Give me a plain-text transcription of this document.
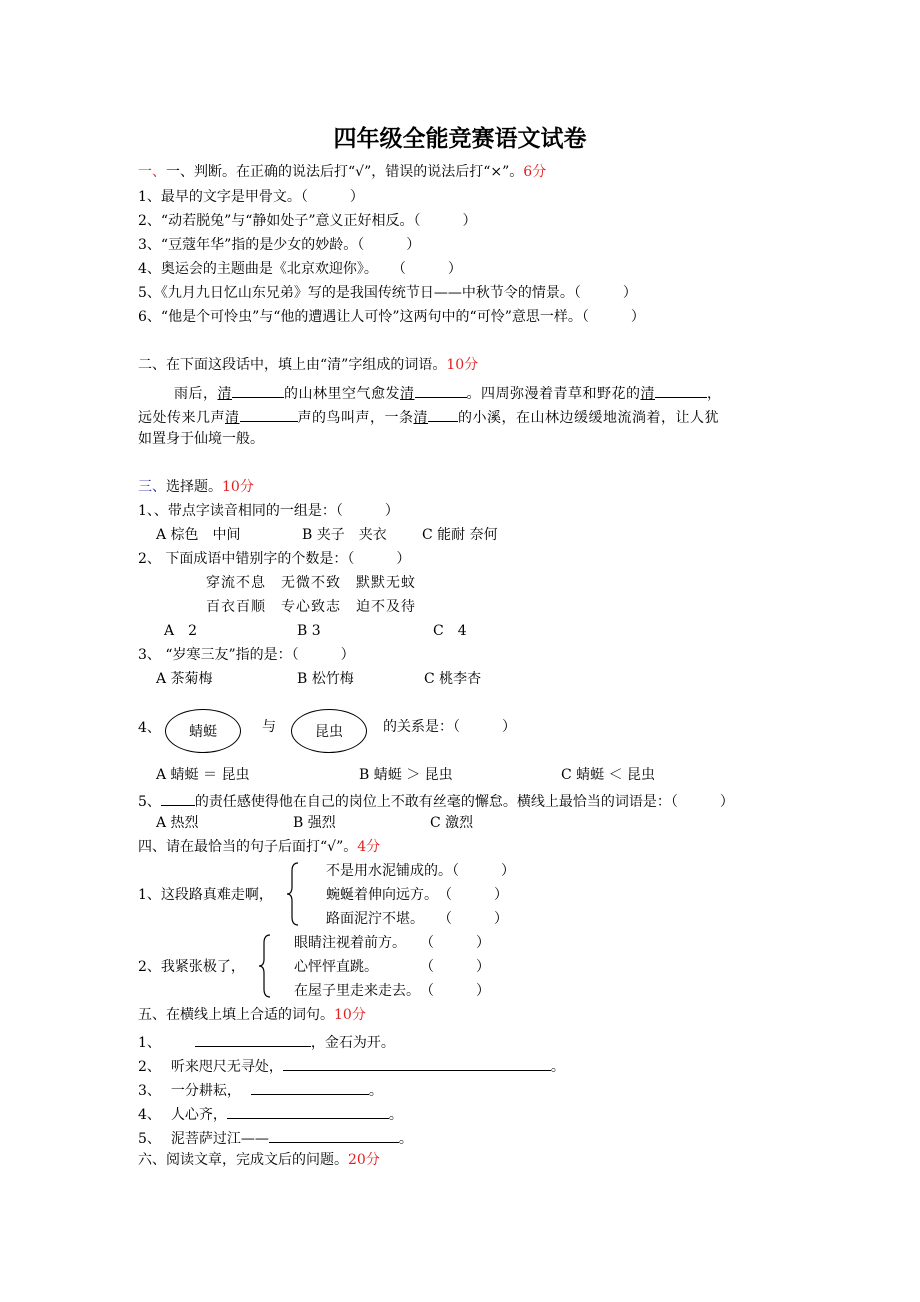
四年级全能竞赛语文试卷
一、一、判断。在正确的说法后打“√”，错误的说法后打“×”。6分
1、最早的文字是甲骨文。（　　　）
2、“动若脱兔”与“静如处子”意义正好相反。（　　　）
3、“豆蔻年华”指的是少女的妙龄。（　　　）
4、奥运会的主题曲是《北京欢迎你》。　　（　　　）
5、《九月九日忆山东兄弟》写的是我国传统节日——中秋节令的情景。（　　　）
6、“他是个可怜虫”与“他的遭遇让人可怜”这两句中的“可怜”意思一样。（　　　）
二、在下面这段话中，填上由“清”字组成的词语。10分
雨后，清	的山林里空气愈发清	。四周弥漫着青草和野花的清	，
远处传来几声清	声的鸟叫声，一条清 的小溪，在山林边缓缓地流淌着，让人犹
如置身于仙境一般。
三、选择题。10分
1、、带点字读音相同的一组是：（　　　）
A 棕色　中间	B 夹子　夹衣	C 能耐 奈何
2、 下面成语中错别字的个数是：（　　　）
穿流不息　无微不致　默默无蚊
百衣百顺　专心致志　迫不及待
A　2	B 3	C　4
3、 “岁寒三友”指的是：（　　　）
A 茶菊梅	B 松竹梅	C 桃李杏
4、 蜻蜓	与	昆虫	的关系是：（　　　）
A 蜻蜓 ＝ 昆虫	B 蜻蜓 ＞ 昆虫	C 蜻蜓 ＜ 昆虫
5、 的责任感使得他在自己的岗位上不敢有丝毫的懈怠。横线上最恰当的词语是：（　　　）
A 热烈	B 强烈	C 激烈
四、请在最恰当的句子后面打“√”。4分
1、这段路真难走啊，
不是用水泥铺成的。（　　　）
蜿蜒着伸向远方。　（　　　）
路面泥泞不堪。　　（　　　）
2、我紧张极了，
眼睛注视着前方。　　（　　　）
心怦怦直跳。　　　　（　　　）
在屋子里走来走去。　（　　　）
五、在横线上填上合适的词句。10分
1、	，金石为开。
2、 听来咫尺无寻处，	。
3、 一分耕耘，	。
4、 人心齐，	。
5、 泥菩萨过江——	。
六、阅读文章，完成文后的问题。20分
